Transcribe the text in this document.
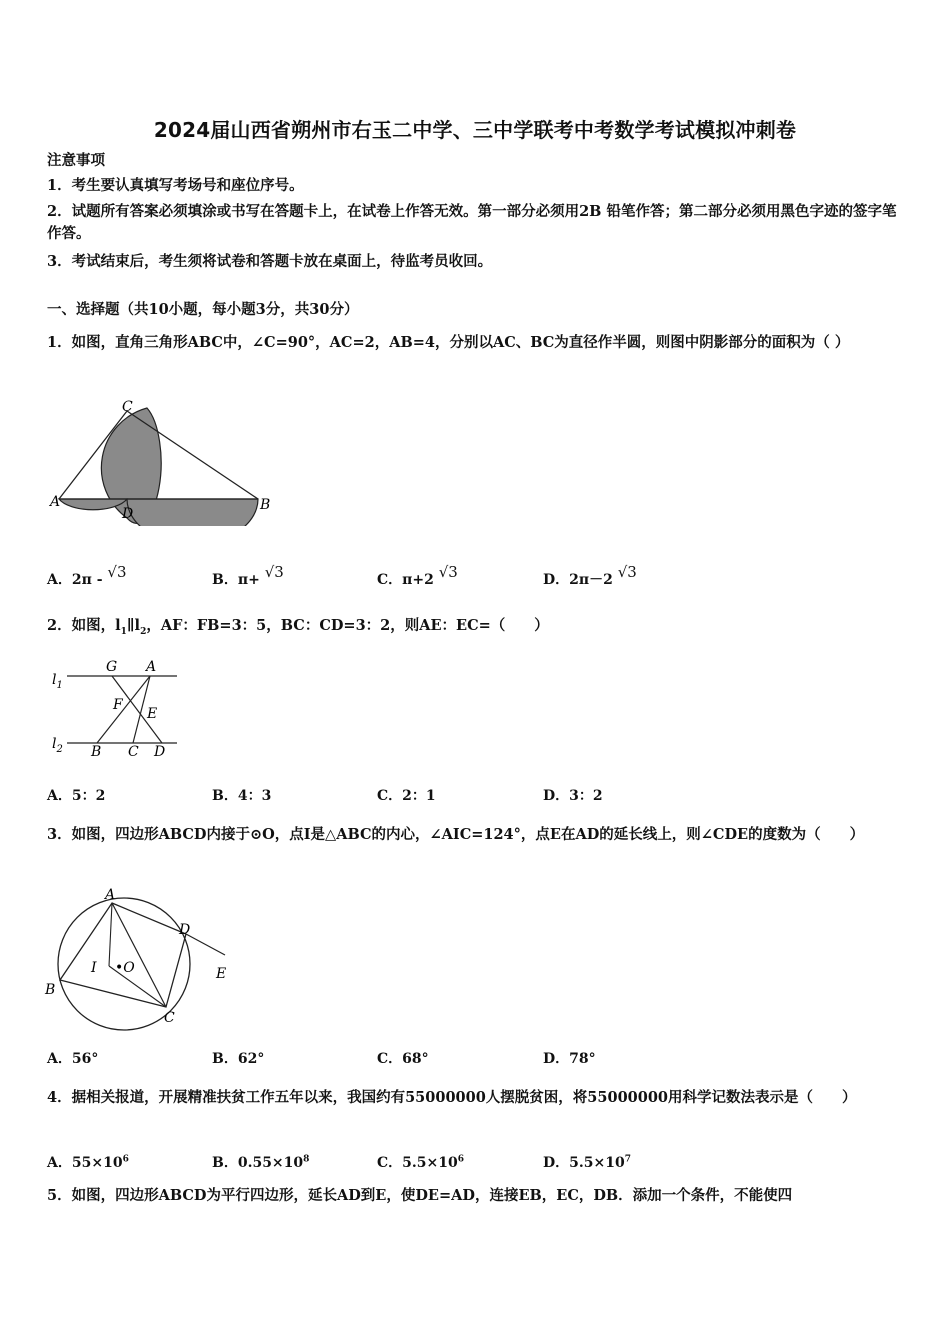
2024届山西省朔州市右玉二中学、三中学联考中考数学考试模拟冲刺卷
注意事项
1．考生要认真填写考场号和座位序号。
2．试题所有答案必须填涂或书写在答题卡上，在试卷上作答无效。第一部分必须用2B 铅笔作答；第二部分必须用黑色字迹的签字笔作答。
3．考试结束后，考生须将试卷和答题卡放在桌面上，待监考员收回。
一、选择题（共10小题，每小题3分，共30分）
1．如图，直角三角形ABC中，∠C=90°，AC=2，AB=4，分别以AC、BC为直径作半圆，则图中阴影部分的面积为（ ）
C
A
D
B
A．2π - √3	B．π+ √3	C．π+2 √3	D．2π－2 √3
2．如图，$l_1\parallel l_2$，AF：FB=3：5，BC：CD=3：2，则AE：EC=（　　）
$l_1$
$l_2$
G A
F
E
B C D
A．5：2	B．4：3	C．2：1	D．3：2
3．如图，四边形ABCD内接于⊙O，点I是△ABC的内心，∠AIC=124°，点E在AD的延长线上，则∠CDE的度数为（　　）
A
D
I •O	E
B
C
A．56°	B．62°	C．68°	D．78°
4．据相关报道，开展精准扶贫工作五年以来，我国约有55000000人摆脱贫困，将55000000用科学记数法表示是（　　）
A．$55\times 10^6$	B．$0.55\times 10^8$	C．$5.5\times 10^6$	D．$5.5\times 10^7$
5．如图，四边形ABCD为平行四边形，延长AD到E，使DE=AD，连接EB，EC，DB．添加一个条件，不能使四
